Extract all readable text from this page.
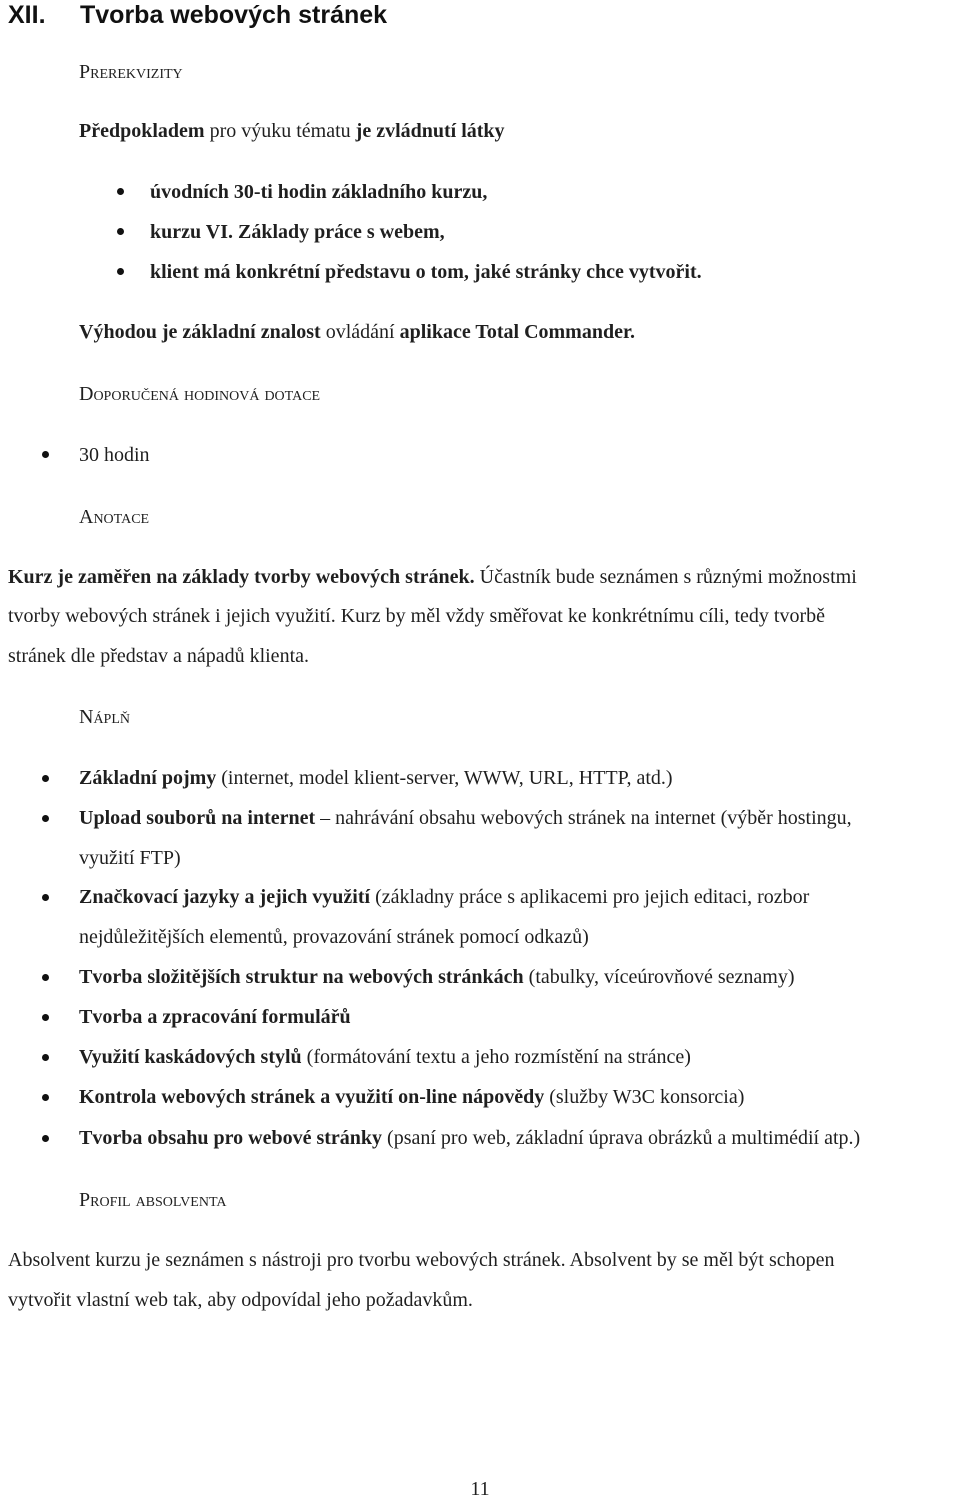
XII. Tvorba webových stránek
Prerekvizity
Předpokladem pro výuku tématu je zvládnutí látky
úvodních 30-ti hodin základního kurzu,
kurzu VI. Základy práce s webem,
klient má konkrétní představu o tom, jaké stránky chce vytvořit.
Výhodou je základní znalost ovládání aplikace Total Commander.
Doporučená hodinová dotace
30 hodin
Anotace
Kurz je zaměřen na základy tvorby webových stránek. Účastník bude seznámen s různými možnostmi
tvorby webových stránek i jejich využití. Kurz by měl vždy směřovat ke konkrétnímu cíli, tedy tvorbě
stránek dle představ a nápadů klienta.
Náplň
Základní pojmy (internet, model klient-server, WWW, URL, HTTP, atd.)
Upload souborů na internet – nahrávání obsahu webových stránek na internet (výběr hostingu,
využití FTP)
Značkovací jazyky a jejich využití (základny práce s aplikacemi pro jejich editaci, rozbor
nejdůležitějších elementů, provazování stránek pomocí odkazů)
Tvorba složitějších struktur na webových stránkách (tabulky, víceúrovňové seznamy)
Tvorba a zpracování formulářů
Využití kaskádových stylů (formátování textu a jeho rozmístění na stránce)
Kontrola webových stránek a využití on-line nápovědy (služby W3C konsorcia)
Tvorba obsahu pro webové stránky (psaní pro web, základní úprava obrázků a multimédií atp.)
Profil absolventa
Absolvent kurzu je seznámen s nástroji pro tvorbu webových stránek. Absolvent by se měl být schopen
vytvořit vlastní web tak, aby odpovídal jeho požadavkům.
11
